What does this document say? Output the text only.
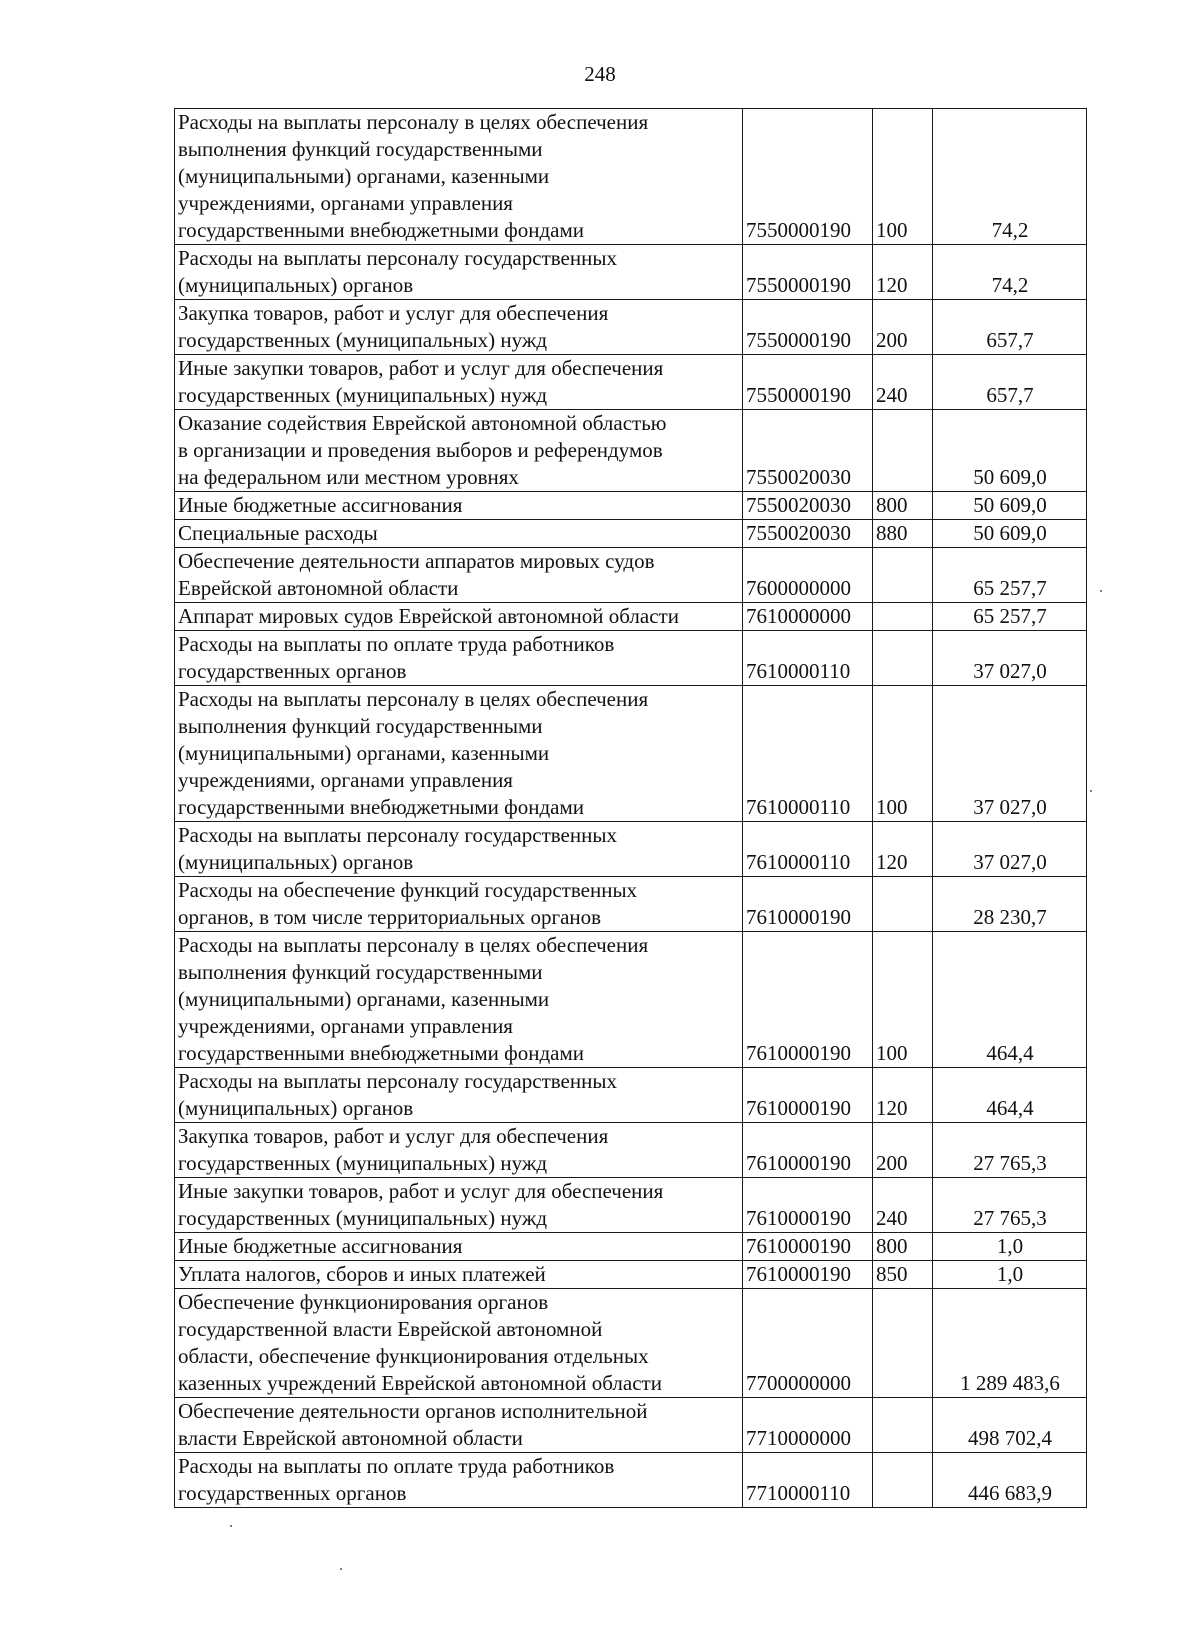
248
Расходы на выплаты персоналу в целях обеспечения
выполнения функций государственными
(муниципальными) органами, казенными
учреждениями, органами управления
государственными внебюджетными фондами	7550000190	100	74,2
Расходы на выплаты персоналу государственных
(муниципальных) органов	7550000190	120	74,2
Закупка товаров, работ и услуг для обеспечения
государственных (муниципальных) нужд	7550000190	200	657,7
Иные закупки товаров, работ и услуг для обеспечения
государственных (муниципальных) нужд	7550000190	240	657,7
Оказание содействия Еврейской автономной областью
в организации и проведения выборов и референдумов
на федеральном или местном уровнях	7550020030		50 609,0
Иные бюджетные ассигнования	7550020030	800	50 609,0
Специальные расходы	7550020030	880	50 609,0
Обеспечение деятельности аппаратов мировых судов
Еврейской автономной области	7600000000		65 257,7
Аппарат мировых судов Еврейской автономной области	7610000000		65 257,7
Расходы на выплаты по оплате труда работников
государственных органов	7610000110		37 027,0
Расходы на выплаты персоналу в целях обеспечения
выполнения функций государственными
(муниципальными) органами, казенными
учреждениями, органами управления
государственными внебюджетными фондами	7610000110	100	37 027,0
Расходы на выплаты персоналу государственных
(муниципальных) органов	7610000110	120	37 027,0
Расходы на обеспечение функций государственных
органов, в том числе территориальных органов	7610000190		28 230,7
Расходы на выплаты персоналу в целях обеспечения
выполнения функций государственными
(муниципальными) органами, казенными
учреждениями, органами управления
государственными внебюджетными фондами	7610000190	100	464,4
Расходы на выплаты персоналу государственных
(муниципальных) органов	7610000190	120	464,4
Закупка товаров, работ и услуг для обеспечения
государственных (муниципальных) нужд	7610000190	200	27 765,3
Иные закупки товаров, работ и услуг для обеспечения
государственных (муниципальных) нужд	7610000190	240	27 765,3
Иные бюджетные ассигнования	7610000190	800	1,0
Уплата налогов, сборов и иных платежей	7610000190	850	1,0
Обеспечение функционирования органов
государственной власти Еврейской автономной
области, обеспечение функционирования отдельных
казенных учреждений Еврейской автономной области	7700000000		1 289 483,6
Обеспечение деятельности органов исполнительной
власти Еврейской автономной области	7710000000		498 702,4
Расходы на выплаты по оплате труда работников
государственных органов	7710000110		446 683,9
